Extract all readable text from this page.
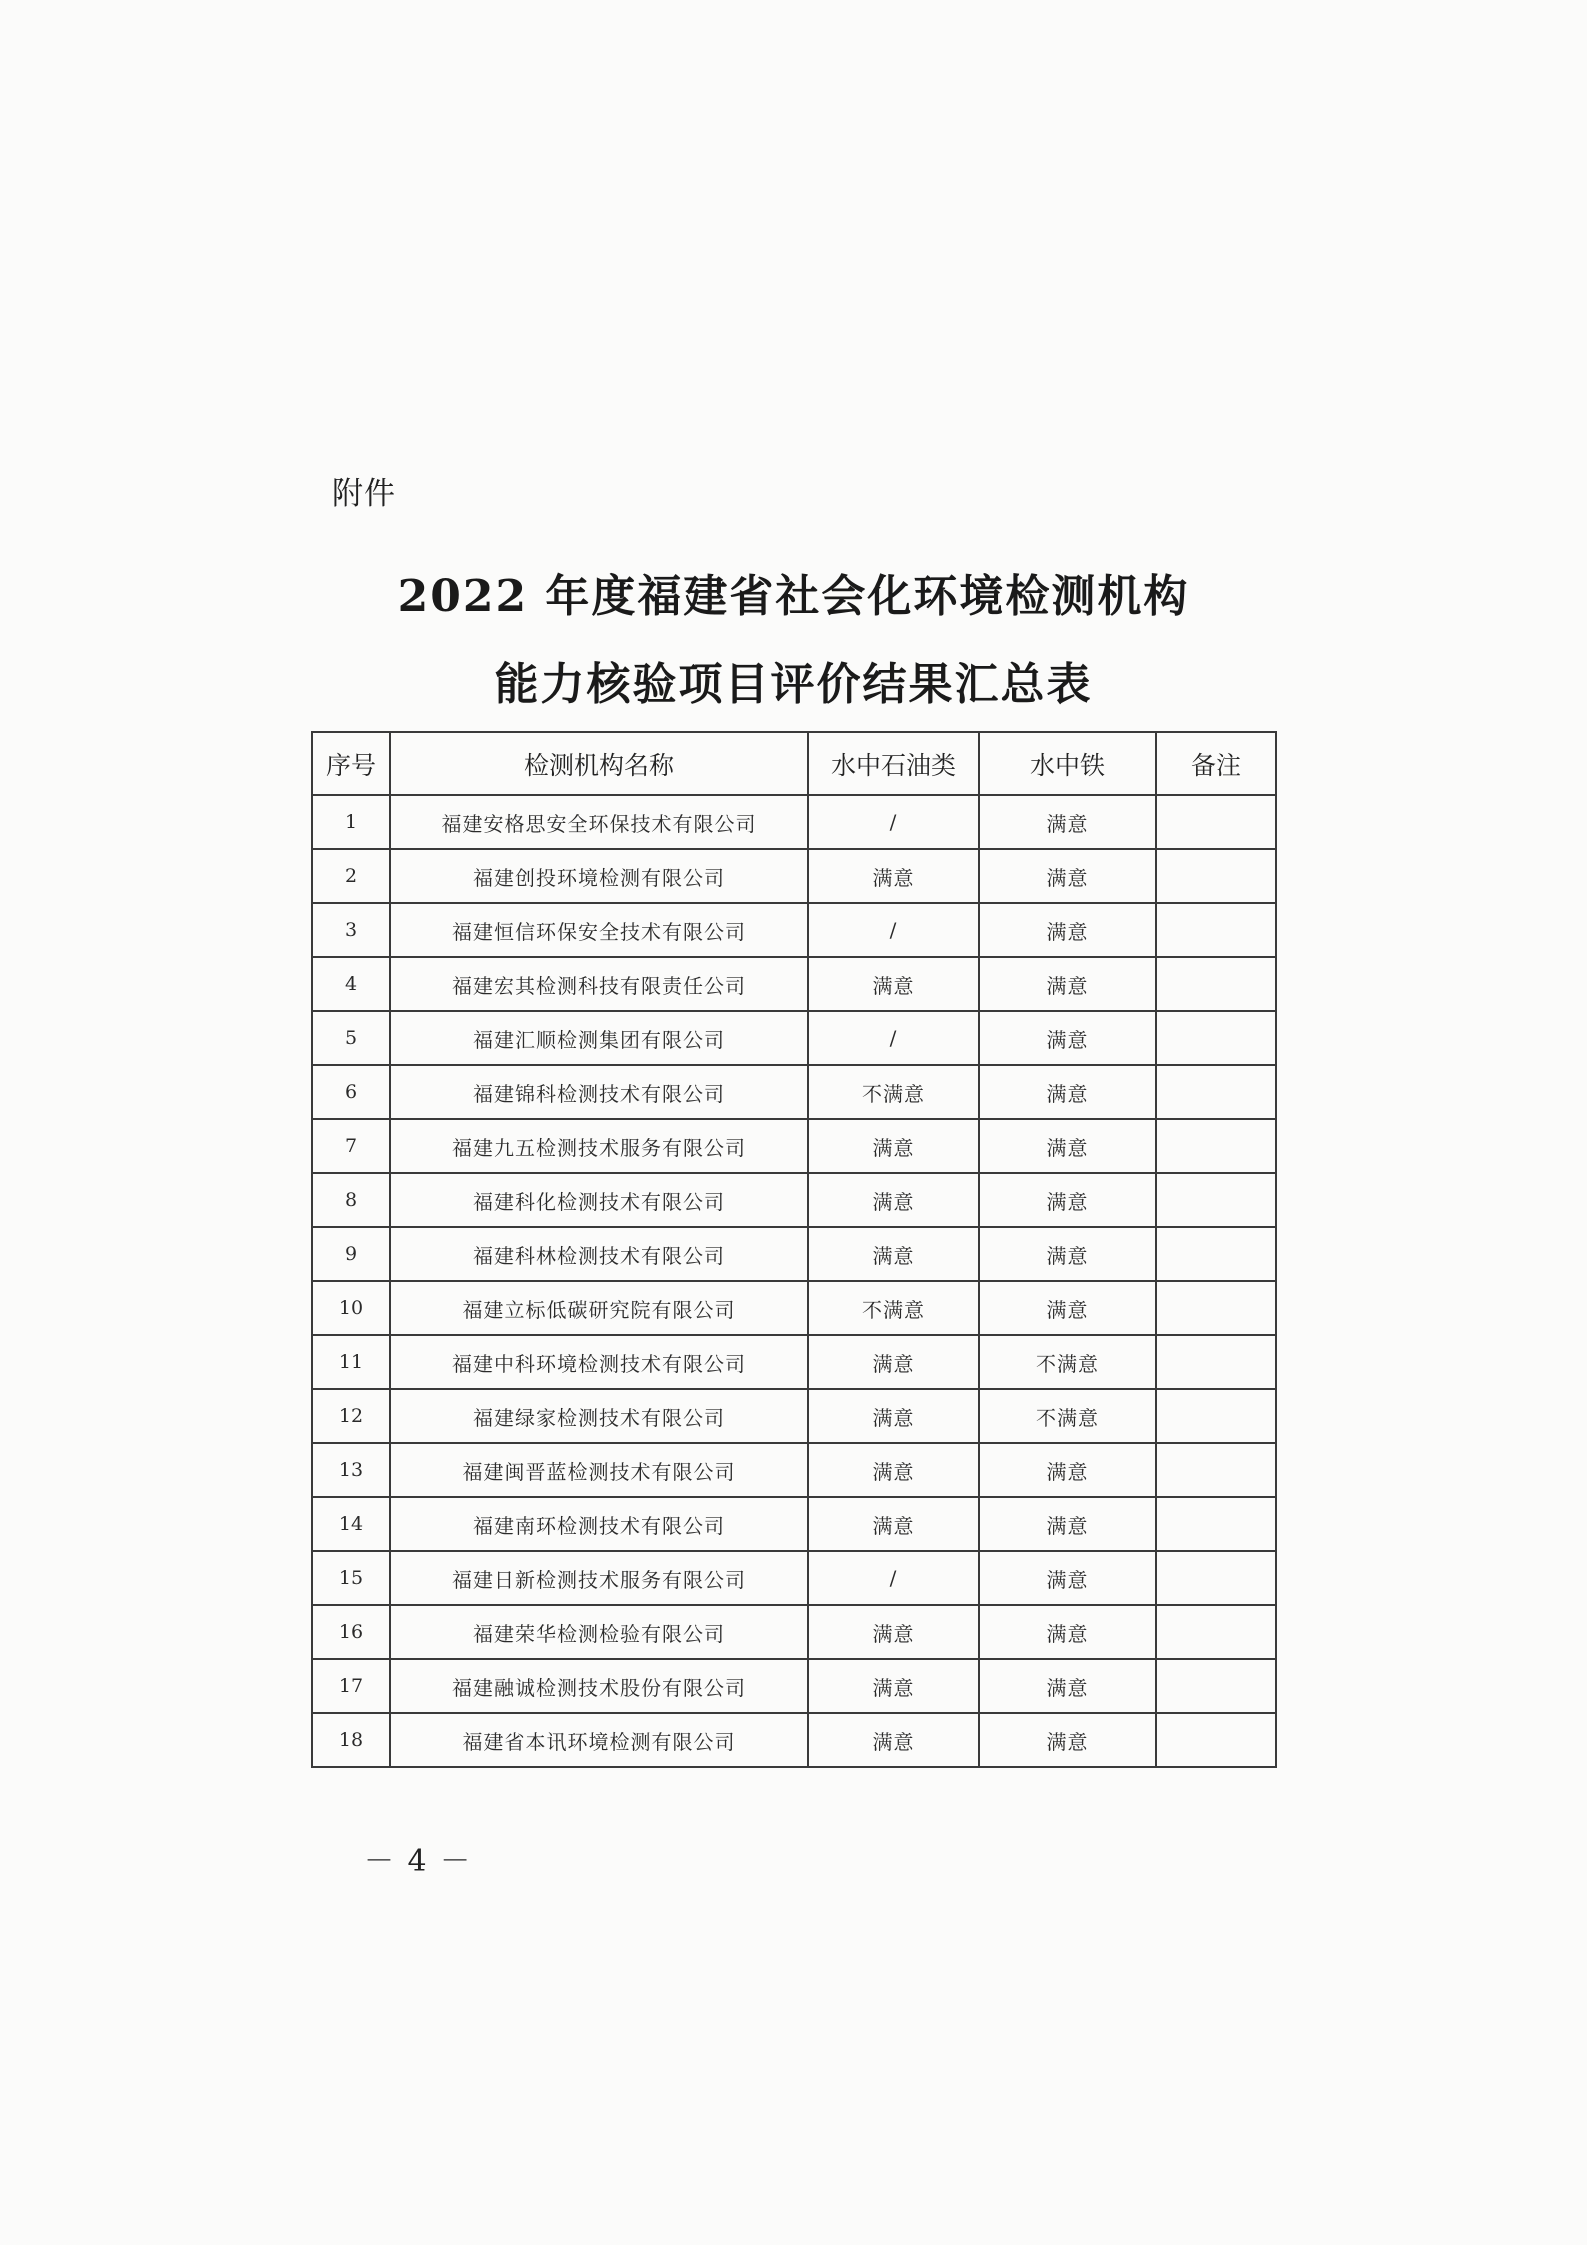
附件
2022 年度福建省社会化环境检测机构
能力核验项目评价结果汇总表
序号	检测机构名称	水中石油类	水中铁	备注
1	福建安格思安全环保技术有限公司	/	满意	
2	福建创投环境检测有限公司	满意	满意	
3	福建恒信环保安全技术有限公司	/	满意	
4	福建宏其检测科技有限责任公司	满意	满意	
5	福建汇顺检测集团有限公司	/	满意	
6	福建锦科检测技术有限公司	不满意	满意	
7	福建九五检测技术服务有限公司	满意	满意	
8	福建科化检测技术有限公司	满意	满意	
9	福建科林检测技术有限公司	满意	满意	
10	福建立标低碳研究院有限公司	不满意	满意	
11	福建中科环境检测技术有限公司	满意	不满意	
12	福建绿家检测技术有限公司	满意	不满意	
13	福建闽晋蓝检测技术有限公司	满意	满意	
14	福建南环检测技术有限公司	满意	满意	
15	福建日新检测技术服务有限公司	/	满意	
16	福建荣华检测检验有限公司	满意	满意	
17	福建融诚检测技术股份有限公司	满意	满意	
18	福建省本讯环境检测有限公司	满意	满意	
－ 4 －
